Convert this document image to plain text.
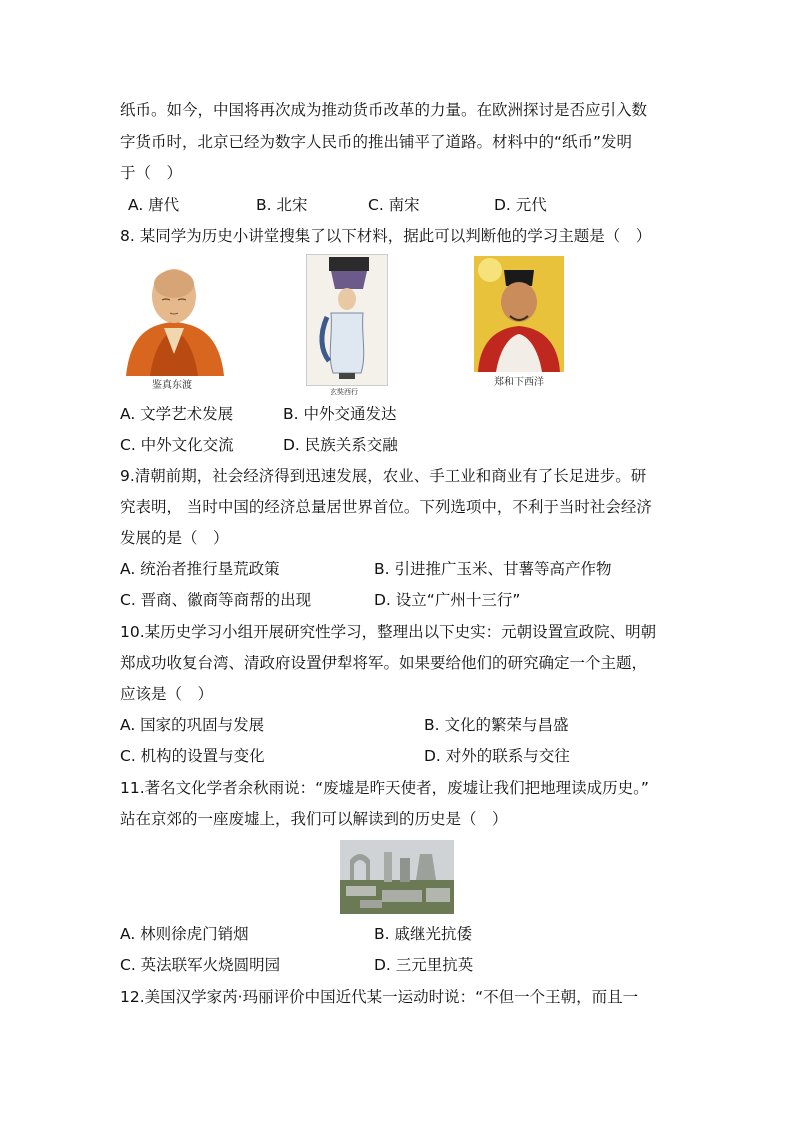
纸币。如今，中国将再次成为推动货币改革的力量。在欧洲探讨是否应引入数
字货币时，北京已经为数字人民币的推出铺平了道路。材料中的“纸币”发明
于（　）
A. 唐代	B. 北宋	C. 南宋	D. 元代
8. 某同学为历史小讲堂搜集了以下材料，据此可以判断他的学习主题是（　）
鉴真东渡
玄奘西行
郑和下西洋
A. 文学艺术发展	B. 中外交通发达
C. 中外文化交流	D. 民族关系交融
9.清朝前期，社会经济得到迅速发展，农业、手工业和商业有了长足进步。研
究表明， 当时中国的经济总量居世界首位。下列选项中，不利于当时社会经济
发展的是（　）
A. 统治者推行垦荒政策	B. 引进推广玉米、甘薯等高产作物
C. 晋商、徽商等商帮的出现	D. 设立“广州十三行”
10.某历史学习小组开展研究性学习，整理出以下史实：元朝设置宣政院、明朝
郑成功收复台湾、清政府设置伊犁将军。如果要给他们的研究确定一个主题，
应该是（　）
A. 国家的巩固与发展	B. 文化的繁荣与昌盛
C. 机构的设置与变化	D. 对外的联系与交往
11.著名文化学者余秋雨说：“废墟是昨天使者，废墟让我们把地理读成历史。”
站在京郊的一座废墟上，我们可以解读到的历史是（　）
A. 林则徐虎门销烟	B. 戚继光抗倭
C. 英法联军火烧圆明园	D. 三元里抗英
12.美国汉学家芮·玛丽评价中国近代某一运动时说：“不但一个王朝，而且一
